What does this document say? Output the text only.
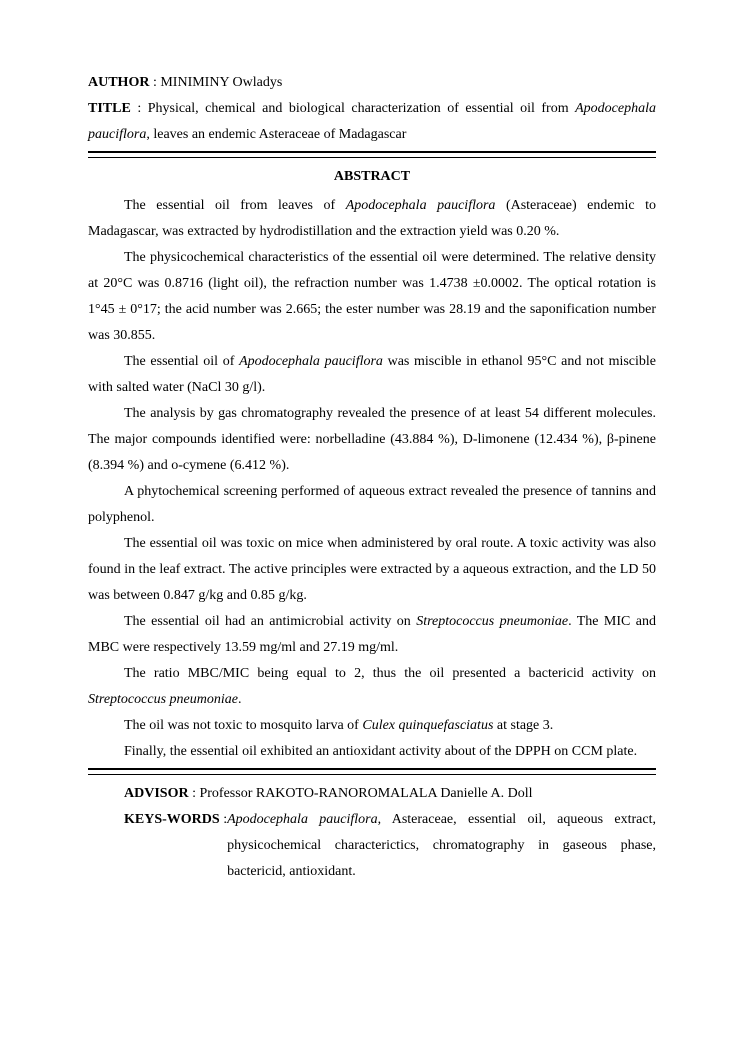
AUTHOR : MINIMINY Owladys
TITLE : Physical, chemical and biological characterization of essential oil from Apodocephala pauciflora, leaves an endemic Asteraceae of Madagascar
ABSTRACT

The essential oil from leaves of Apodocephala pauciflora (Asteraceae) endemic to Madagascar, was extracted by hydrodistillation and the extraction yield was 0.20 %.

The physicochemical characteristics of the essential oil were determined. The relative density at 20°C was 0.8716 (light oil), the refraction number was 1.4738 ±0.0002. The optical rotation is 1°45 ± 0°17; the acid number was 2.665; the ester number was 28.19 and the saponification number was 30.855.

The essential oil of Apodocephala pauciflora was miscible in ethanol 95°C and not miscible with salted water (NaCl 30 g/l).

The analysis by gas chromatography revealed the presence of at least 54 different molecules. The major compounds identified were: norbelladine (43.884 %), D-limonene (12.434 %), β-pinene (8.394 %) and o-cymene (6.412 %).

A phytochemical screening performed of aqueous extract revealed the presence of tannins and polyphenol.

The essential oil was toxic on mice when administered by oral route. A toxic activity was also found in the leaf extract. The active principles were extracted by a aqueous extraction, and the LD 50 was between 0.847 g/kg and 0.85 g/kg.

The essential oil had an antimicrobial activity on Streptococcus pneumoniae. The MIC and MBC were respectively 13.59 mg/ml and 27.19 mg/ml.

The ratio MBC/MIC being equal to 2, thus the oil presented a bactericid activity on Streptococcus pneumoniae.

The oil was not toxic to mosquito larva of Culex quinquefasciatus at stage 3.

Finally, the essential oil exhibited an antioxidant activity about of the DPPH on CCM plate.

ADVISOR : Professor RAKOTO-RANOROMALALA Danielle A. Doll
KEYS-WORDS : Apodocephala pauciflora, Asteraceae, essential oil, aqueous extract, physicochemical characterictics, chromatography in gaseous phase, bactericid, antioxidant.
